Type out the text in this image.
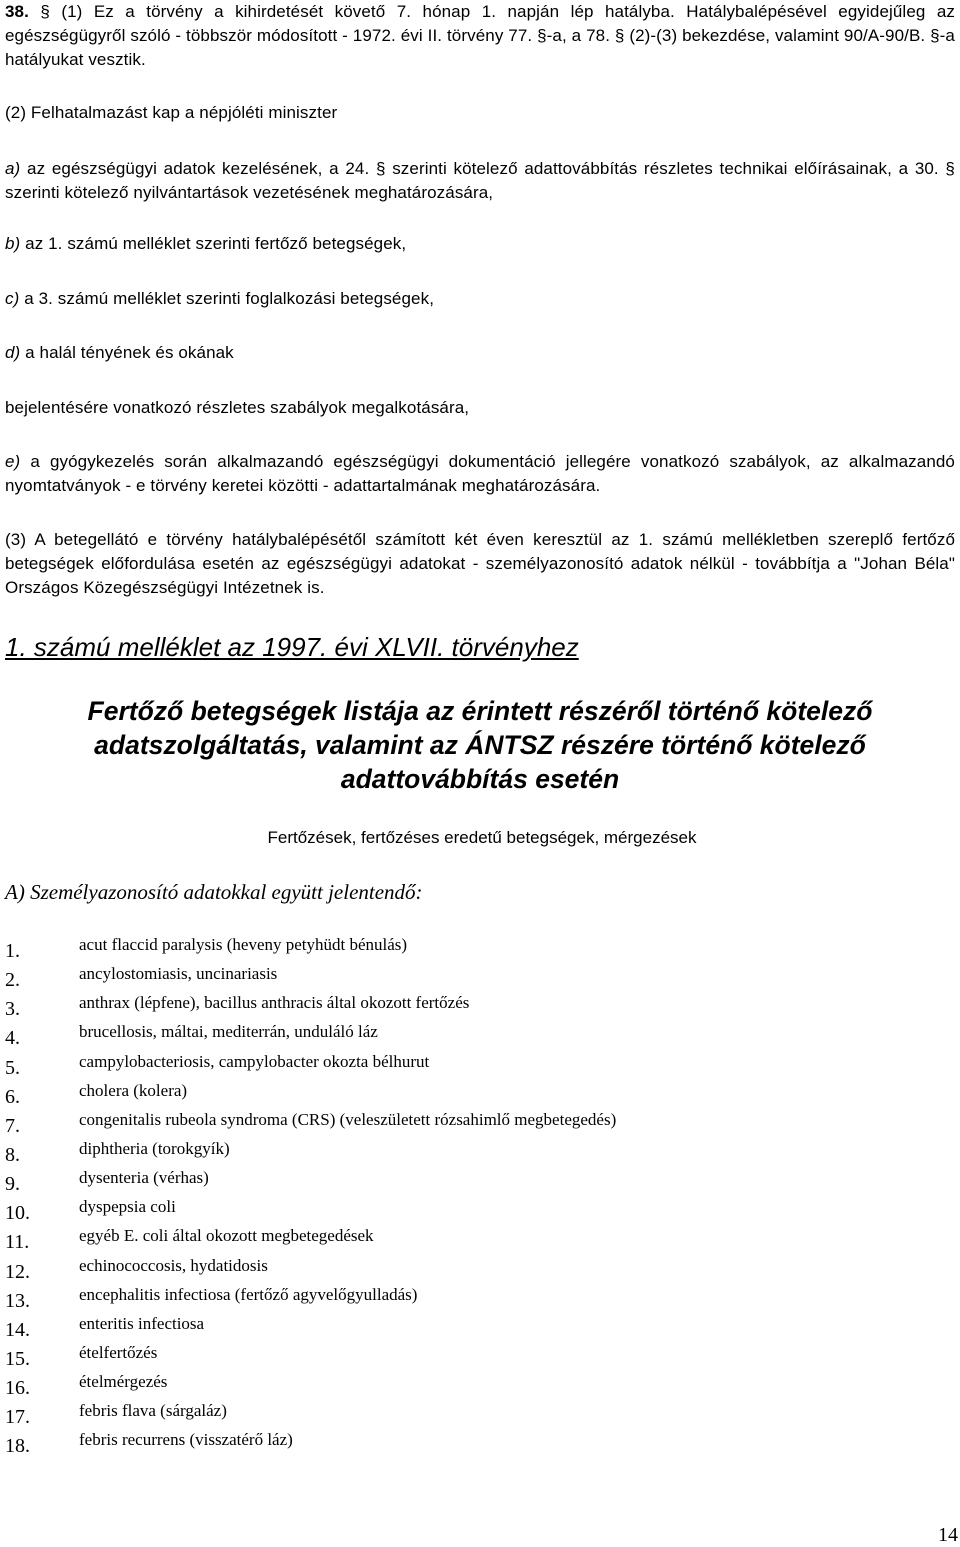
38. § (1) Ez a törvény a kihirdetését követő 7. hónap 1. napján lép hatályba. Hatálybalépésével egyidejűleg az egészségügyről szóló - többször módosított - 1972. évi II. törvény 77. §-a, a 78. § (2)-(3) bekezdése, valamint 90/A-90/B. §-a hatályukat vesztik.
(2) Felhatalmazást kap a népjóléti miniszter
a) az egészségügyi adatok kezelésének, a 24. § szerinti kötelező adattovábbítás részletes technikai előírásainak, a 30. § szerinti kötelező nyilvántartások vezetésének meghatározására,
b) az 1. számú melléklet szerinti fertőző betegségek,
c) a 3. számú melléklet szerinti foglalkozási betegségek,
d) a halál tényének és okának
bejelentésére vonatkozó részletes szabályok megalkotására,
e) a gyógykezelés során alkalmazandó egészségügyi dokumentáció jellegére vonatkozó szabályok, az alkalmazandó nyomtatványok - e törvény keretei közötti - adattartalmának meghatározására.
(3) A betegellátó e törvény hatálybalépésétől számított két éven keresztül az 1. számú mellékletben szereplő fertőző betegségek előfordulása esetén az egészségügyi adatokat - személyazonosító adatok nélkül - továbbítja a "Johan Béla" Országos Közegészségügyi Intézetnek is.
1. számú melléklet az 1997. évi XLVII. törvényhez
Fertőző betegségek listája az érintett részéről történő kötelező adatszolgáltatás, valamint az ÁNTSZ részére történő kötelező adattovábbítás esetén
Fertőzések, fertőzéses eredetű betegségek, mérgezések
A) Személyazonosító adatokkal együtt jelentendő:
1.	acut flaccid paralysis (heveny petyhüdt bénulás)
2.	ancylostomiasis, uncinariasis
3.	anthrax (lépfene), bacillus anthracis által okozott fertőzés
4.	brucellosis, máltai, mediterrán, unduláló láz
5.	campylobacteriosis, campylobacter okozta bélhurut
6.	cholera (kolera)
7.	congenitalis rubeola syndroma (CRS) (veleszületett rózsahimlő megbetegedés)
8.	diphtheria (torokgyík)
9.	dysenteria (vérhas)
10.	dyspepsia coli
11.	egyéb E. coli által okozott megbetegedések
12.	echinococcosis, hydatidosis
13.	encephalitis infectiosa (fertőző agyvelőgyulladás)
14.	enteritis infectiosa
15.	ételfertőzés
16.	ételmérgezés
17.	febris flava (sárgaláz)
18.	febris recurrens (visszatérő láz)
14
